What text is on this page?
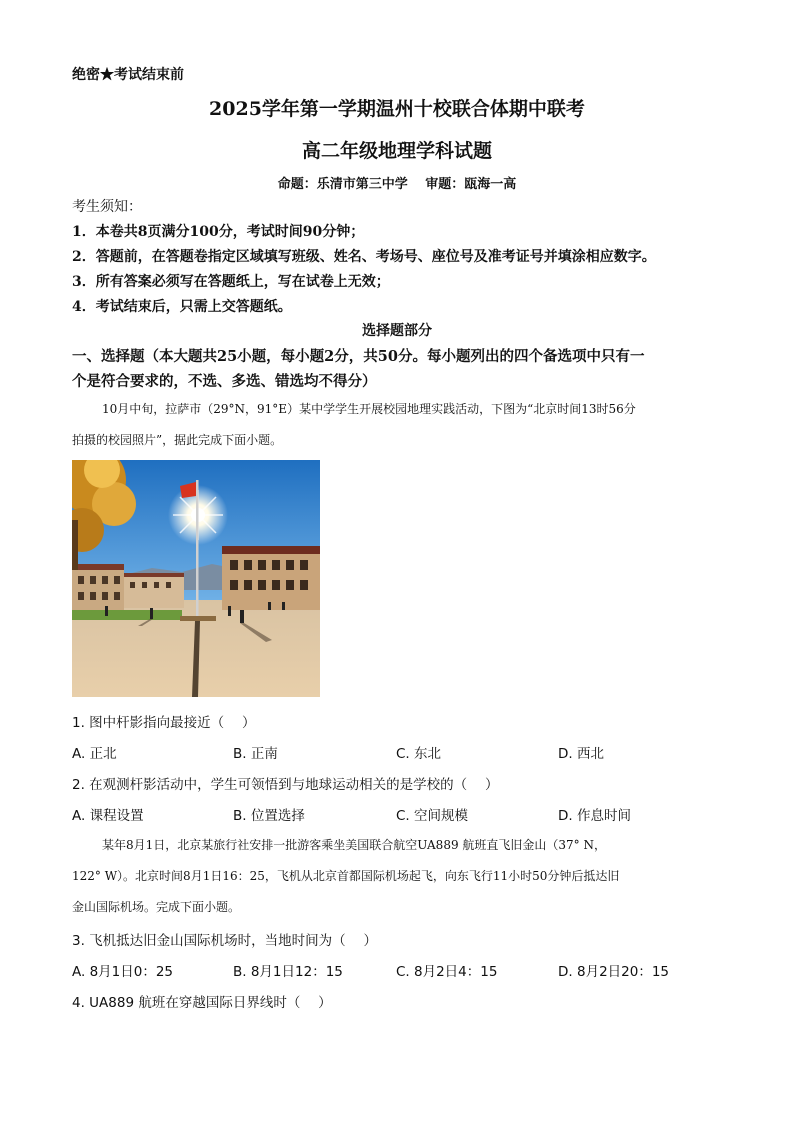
绝密★考试结束前
2025学年第一学期温州十校联合体期中联考
高二年级地理学科试题
命题：乐清市第三中学　 审题：瓯海一高
考生须知：
1．本卷共8页满分100分，考试时间90分钟；
2．答题前，在答题卷指定区域填写班级、姓名、考场号、座位号及准考证号并填涂相应数字。
3．所有答案必须写在答题纸上，写在试卷上无效；
4．考试结束后，只需上交答题纸。
选择题部分
一、选择题（本大题共25小题，每小题2分，共50分。每小题列出的四个备选项中只有一
个是符合要求的，不选、多选、错选均不得分）
10月中旬，拉萨市（29°N，91°E）某中学学生开展校园地理实践活动，下图为“北京时间13时56分
拍摄的校园照片”，据此完成下面小题。
1. 图中杆影指向最接近（　 ）
A. 正北	B. 正南	C. 东北	D. 西北
2. 在观测杆影活动中，学生可领悟到与地球运动相关的是学校的（　 ）
A. 课程设置	B. 位置选择	C. 空间规模	D. 作息时间
某年8月1日，北京某旅行社安排一批游客乘坐美国联合航空UA889 航班直飞旧金山（37° N，
122° W）。北京时间8月1日16：25，飞机从北京首都国际机场起飞，向东飞行11小时50分钟后抵达旧
金山国际机场。完成下面小题。
3. 飞机抵达旧金山国际机场时，当地时间为（　 ）
A. 8月1日0：25	B. 8月1日12：15	C. 8月2日4：15	D. 8月2日20：15
4. UA889 航班在穿越国际日界线时（　 ）
